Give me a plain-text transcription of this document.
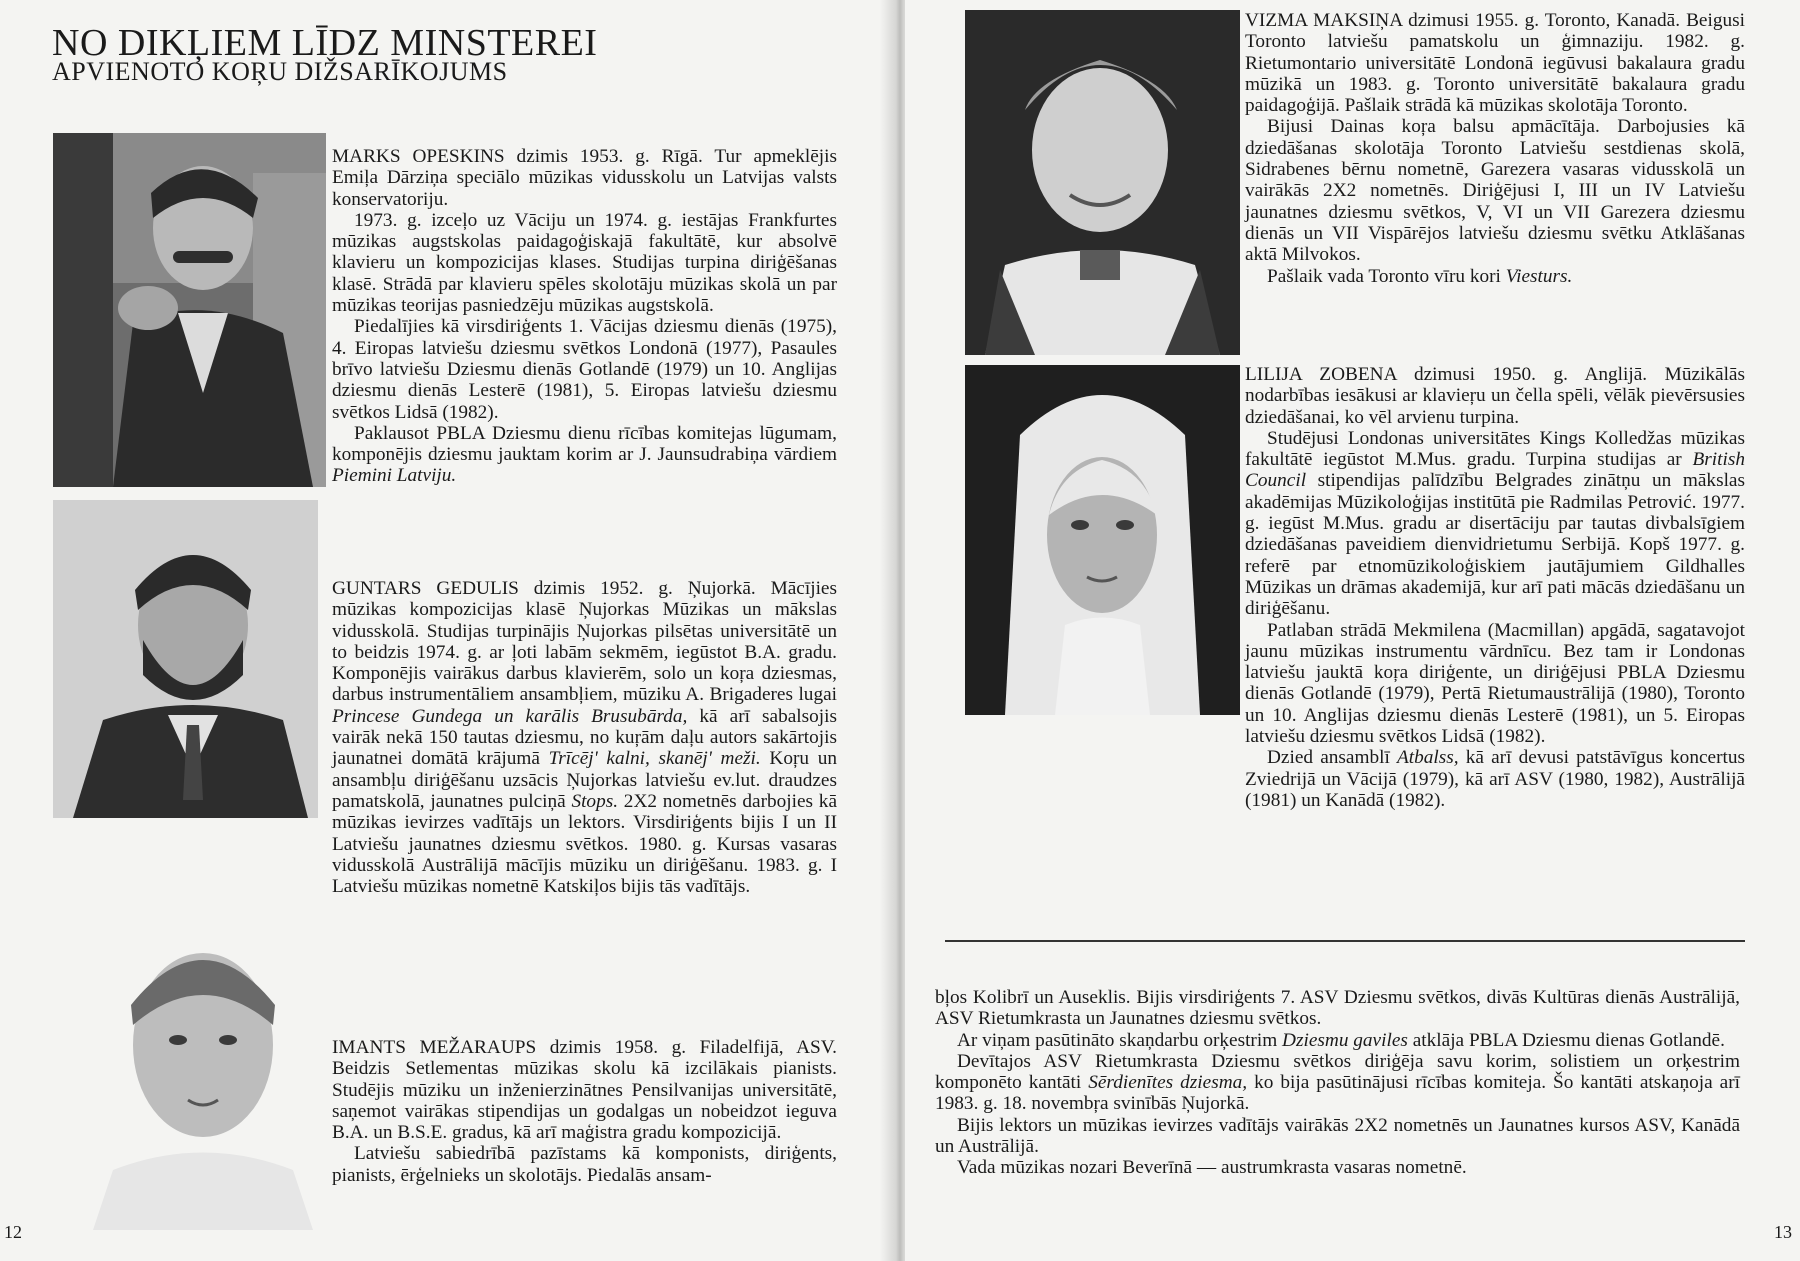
NO DIKĻIEM LĪDZ MINSTEREI
APVIENOTO KOŖU DIŽSARĪKOJUMS

MARKS OPESKINS dzimis 1953. g. Rīgā. Tur apmeklējis Emiļa Dārziņa speciālo mūzikas vidusskolu un Latvijas valsts konservatoriju.

1973. g. izceļo uz Vāciju un 1974. g. iestājas Frankfurtes mūzikas augstskolas paidagoģiskajā fakultātē, kur absolvē klavieru un kompozicijas klases. Studijas turpina diriģēšanas klasē. Strādā par klavieru spēles skolotāju mūzikas skolā un par mūzikas teorijas pasniedzēju mūzikas augstskolā.

Piedalījies kā virsdiriģents 1. Vācijas dziesmu dienās (1975), 4. Eiropas latviešu dziesmu svētkos Londonā (1977), Pasaules brīvo latviešu Dziesmu dienās Gotlandē (1979) un 10. Anglijas dziesmu dienās Lesterē (1981), 5. Eiropas latviešu dziesmu svētkos Lidsā (1982).

Paklausot PBLA Dziesmu dienu rīcības komitejas lūgumam, komponējis dziesmu jauktam korim ar J. Jaunsudrabiņa vārdiem Piemini Latviju.

GUNTARS GEDULIS dzimis 1952. g. Ņujorkā. Mācījies mūzikas kompozicijas klasē Ņujorkas Mūzikas un mākslas vidusskolā. Studijas turpinājis Ņujorkas pilsētas universitātē un to beidzis 1974. g. ar ļoti labām sekmēm, iegūstot B.A. gradu. Komponējis vairākus darbus klavierēm, solo un koŗa dziesmas, darbus instrumentāliem ansambļiem, mūziku A. Brigaderes lugai Princese Gundega un karālis Brusubārda, kā arī sabalsojis vairāk nekā 150 tautas dziesmu, no kuŗām daļu autors sakārtojis jaunatnei domātā krājumā Trīcēj' kalni, skanēj' meži. Koŗu un ansambļu diriģēšanu uzsācis Ņujorkas latviešu ev.lut. draudzes pamatskolā, jaunatnes pulciņā Stops. 2X2 nometnēs darbojies kā mūzikas ievirzes vadītājs un lektors. Virsdiriģents bijis I un II Latviešu jaunatnes dziesmu svētkos. 1980. g. Kursas vasaras vidusskolā Austrālijā mācījis mūziku un diriģēšanu. 1983. g. I Latviešu mūzikas nometnē Katskiļos bijis tās vadītājs.

IMANTS MEŽARAUPS dzimis 1958. g. Filadelfijā, ASV. Beidzis Setlementas mūzikas skolu kā izcilākais pianists. Studējis mūziku un inženierzinātnes Pensilvanijas universitātē, saņemot vairākas stipendijas un godalgas un nobeidzot ieguva B.A. un B.S.E. gradus, kā arī maģistra gradu kompozicijā.

Latviešu sabiedrībā pazīstams kā komponists, diriģents, pianists, ērģelnieks un skolotājs. Piedalās ansam-

12

VIZMA MAKSIŅA dzimusi 1955. g. Toronto, Kanadā. Beigusi Toronto latviešu pamatskolu un ģimnaziju. 1982. g. Rietumontario universitātē Londonā iegūvusi bakalaura gradu mūzikā un 1983. g. Toronto universitātē bakalaura gradu paidagoģijā. Pašlaik strādā kā mūzikas skolotāja Toronto.

Bijusi Dainas koŗa balsu apmācītāja. Darbojusies kā dziedāšanas skolotāja Toronto Latviešu sestdienas skolā, Sidrabenes bērnu nometnē, Garezera vasaras vidusskolā un vairākās 2X2 nometnēs. Diriģējusi I, III un IV Latviešu jaunatnes dziesmu svētkos, V, VI un VII Garezera dziesmu dienās un VII Vispārējos latviešu dziesmu svētku Atklāšanas aktā Milvokos.

Pašlaik vada Toronto vīru kori Viesturs.

LILIJA ZOBENA dzimusi 1950. g. Anglijā. Mūzikālās nodarbības iesākusi ar klavieŗu un čella spēli, vēlāk pievērsusies dziedāšanai, ko vēl arvienu turpina.

Studējusi Londonas universitātes Kings Kolledžas mūzikas fakultātē iegūstot M.Mus. gradu. Turpina studijas ar British Council stipendijas palīdzību Belgrades zinātņu un mākslas akadēmijas Mūzikoloģijas institūtā pie Radmilas Petrović. 1977. g. iegūst M.Mus. gradu ar disertāciju par tautas divbalsīgiem dziedāšanas paveidiem dienvidrietumu Serbijā. Kopš 1977. g. referē par etnomūzikoloģiskiem jautājumiem Gildhalles Mūzikas un drāmas akademijā, kur arī pati mācās dziedāšanu un diriģēšanu.

Patlaban strādā Mekmilena (Macmillan) apgādā, sagatavojot jaunu mūzikas instrumentu vārdnīcu. Bez tam ir Londonas latviešu jauktā koŗa diriģente, un diriģējusi PBLA Dziesmu dienās Gotlandē (1979), Pertā Rietumaustrālijā (1980), Toronto un 10. Anglijas dziesmu dienās Lesterē (1981), un 5. Eiropas latviešu dziesmu svētkos Lidsā (1982).

Dzied ansamblī Atbalss, kā arī devusi patstāvīgus koncertus Zviedrijā un Vācijā (1979), kā arī ASV (1980, 1982), Austrālijā (1981) un Kanādā (1982).

bļos Kolibrī un Auseklis. Bijis virsdiriģents 7. ASV Dziesmu svētkos, divās Kultūras dienās Austrālijā, ASV Rietumkrasta un Jaunatnes dziesmu svētkos.

Ar viņam pasūtināto skaņdarbu orķestrim Dziesmu gaviles atklāja PBLA Dziesmu dienas Gotlandē.

Devītajos ASV Rietumkrasta Dziesmu svētkos diriģēja savu korim, solistiem un orķestrim komponēto kantāti Sērdienītes dziesma, ko bija pasūtinājusi rīcības komiteja. Šo kantāti atskaņoja arī 1983. g. 18. novembŗa svinībās Ņujorkā.

Bijis lektors un mūzikas ievirzes vadītājs vairākās 2X2 nometnēs un Jaunatnes kursos ASV, Kanādā un Austrālijā.

Vada mūzikas nozari Beverīnā — austrumkrasta vasaras nometnē.

13
